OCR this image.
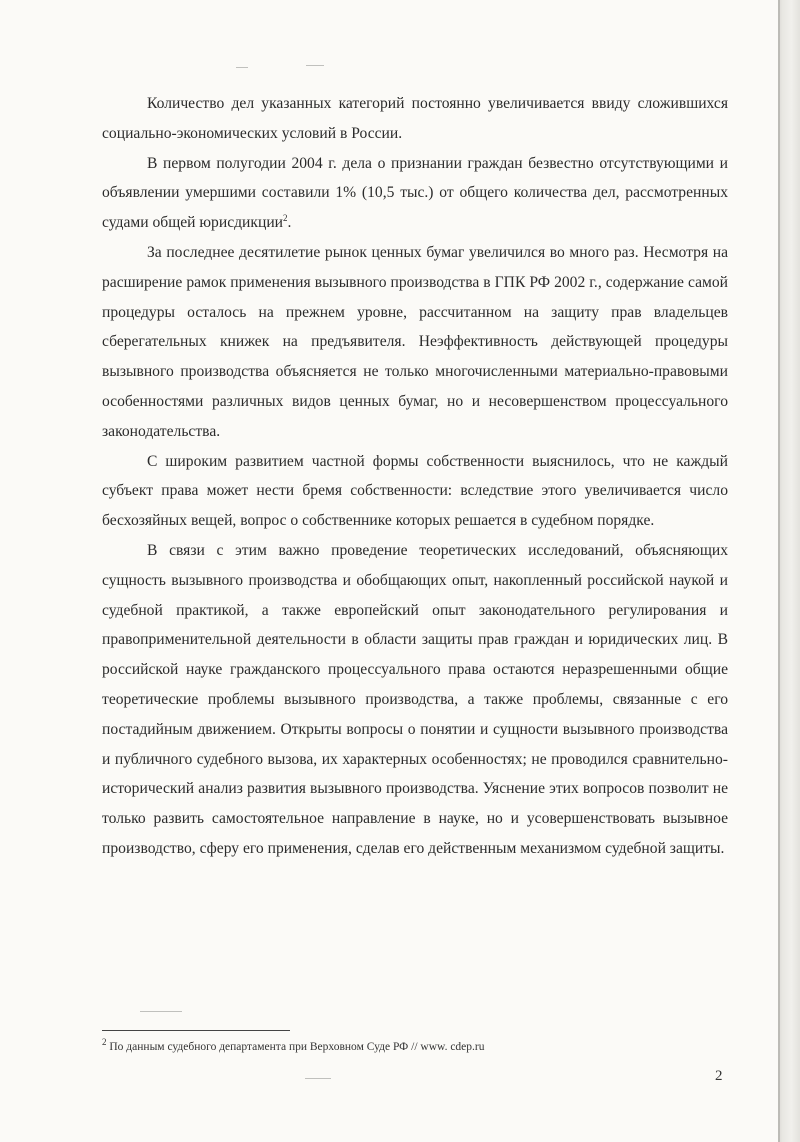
Количество дел указанных категорий постоянно увеличивается ввиду сложившихся социально-экономических условий в России.

В первом полугодии 2004 г. дела о признании граждан безвестно отсутствующими и объявлении умершими составили 1% (10,5 тыс.) от общего количества дел, рассмотренных судами общей юрисдикции$^2$.

За последнее десятилетие рынок ценных бумаг увеличился во много раз. Несмотря на расширение рамок применения вызывного производства в ГПК РФ 2002 г., содержание самой процедуры осталось на прежнем уровне, рассчитанном на защиту прав владельцев сберегательных книжек на предъявителя. Неэффективность действующей процедуры вызывного производства объясняется не только многочисленными материально-правовыми особенностями различных видов ценных бумаг, но и несовершенством процессуального законодательства.

С широким развитием частной формы собственности выяснилось, что не каждый субъект права может нести бремя собственности: вследствие этого увеличивается число бесхозяйных вещей, вопрос о собственнике которых решается в судебном порядке.

В связи с этим важно проведение теоретических исследований, объясняющих сущность вызывного производства и обобщающих опыт, накопленный российской наукой и судебной практикой, а также европейский опыт законодательного регулирования и правоприменительной деятельности в области защиты прав граждан и юридических лиц. В российской науке гражданского процессуального права остаются неразрешенными общие теоретические проблемы вызывного производства, а также проблемы, связанные с его постадийным движением. Открыты вопросы о понятии и сущности вызывного производства и публичного судебного вызова, их характерных особенностях; не проводился сравнительно-исторический анализ развития вызывного производства. Уяснение этих вопросов позволит не только развить самостоятельное направление в науке, но и усовершенствовать вызывное производство, сферу его применения, сделав его действенным механизмом судебной защиты.

$^2$ По данным судебного департамента при Верховном Суде РФ // www. cdep.ru
2
